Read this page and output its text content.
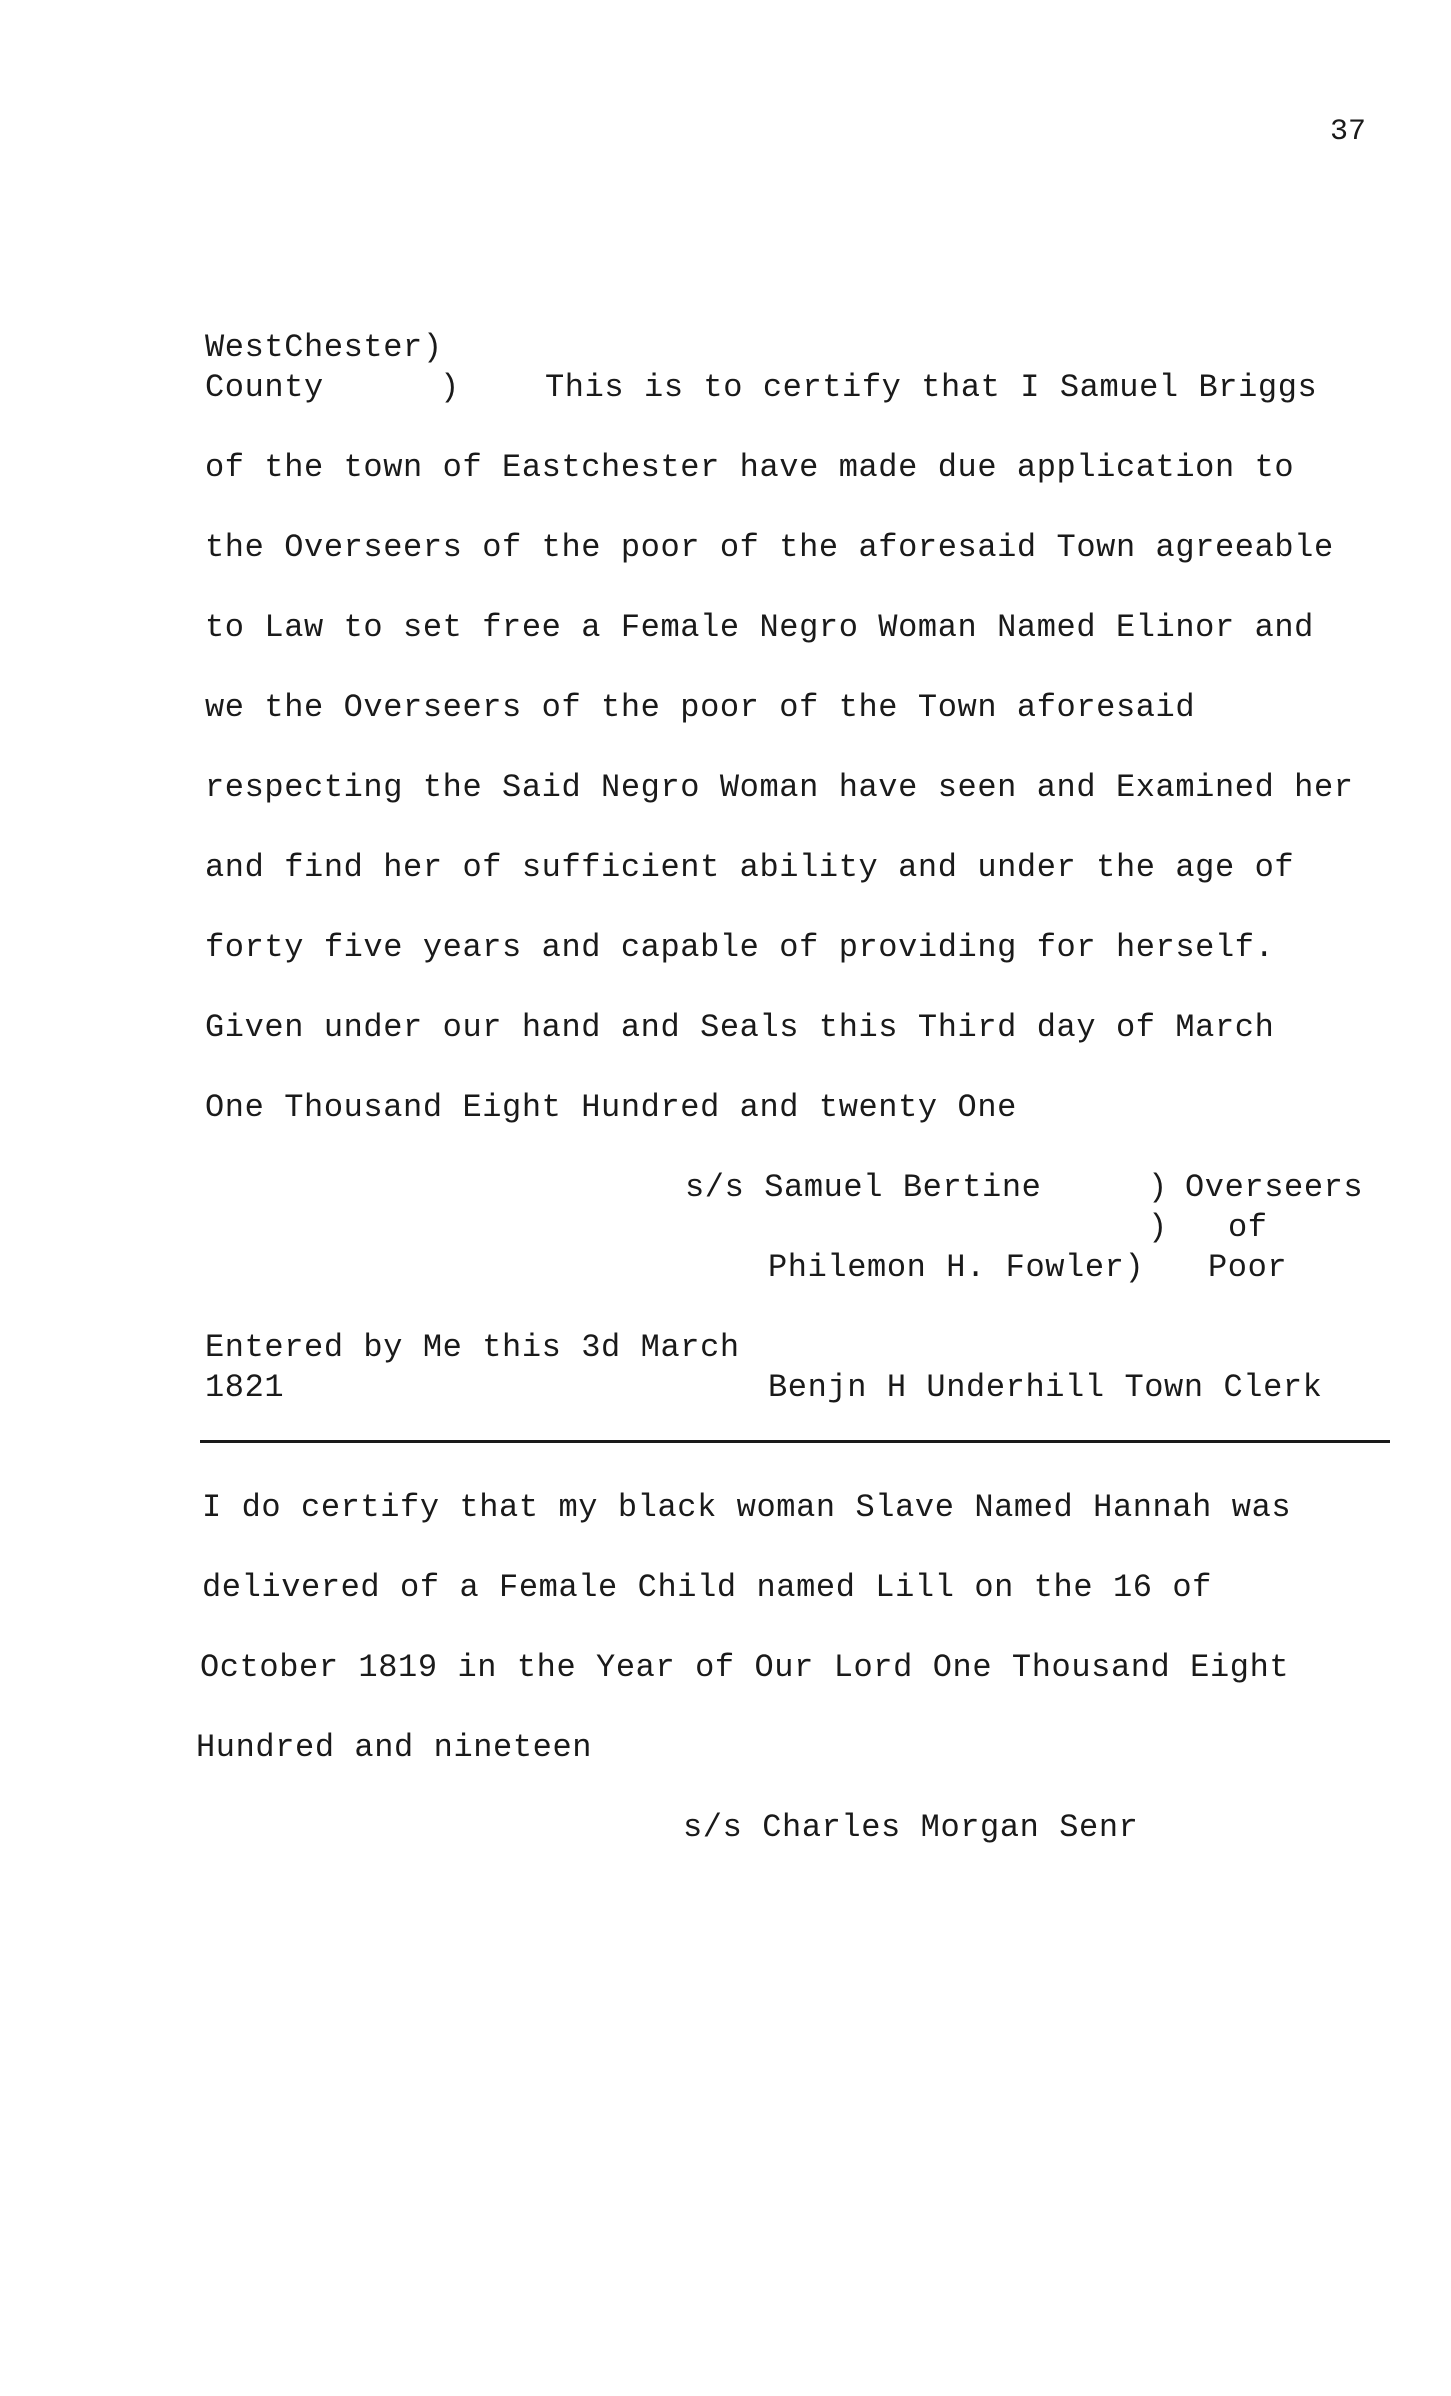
37
WestChester)
County	)	This is to certify that I Samuel Briggs
of the town of Eastchester have made due application to
the Overseers of the poor of the aforesaid Town agreeable
to Law to set free a Female Negro Woman Named Elinor and
we the Overseers of the poor of the Town aforesaid
respecting the Said Negro Woman have seen and Examined her
and find her of sufficient ability and under the age of
forty five years and capable of providing for herself.
Given under our hand and Seals this Third day of March
One Thousand Eight Hundred and twenty One
s/s Samuel Bertine	) Overseers
) of
Philemon H. Fowler) Poor
Entered by Me this 3d March
1821	Benjn H Underhill Town Clerk
I do certify that my black woman Slave Named Hannah was
delivered of a Female Child named Lill on the 16 of
October 1819 in the Year of Our Lord One Thousand Eight
Hundred and nineteen
s/s Charles Morgan Senr
